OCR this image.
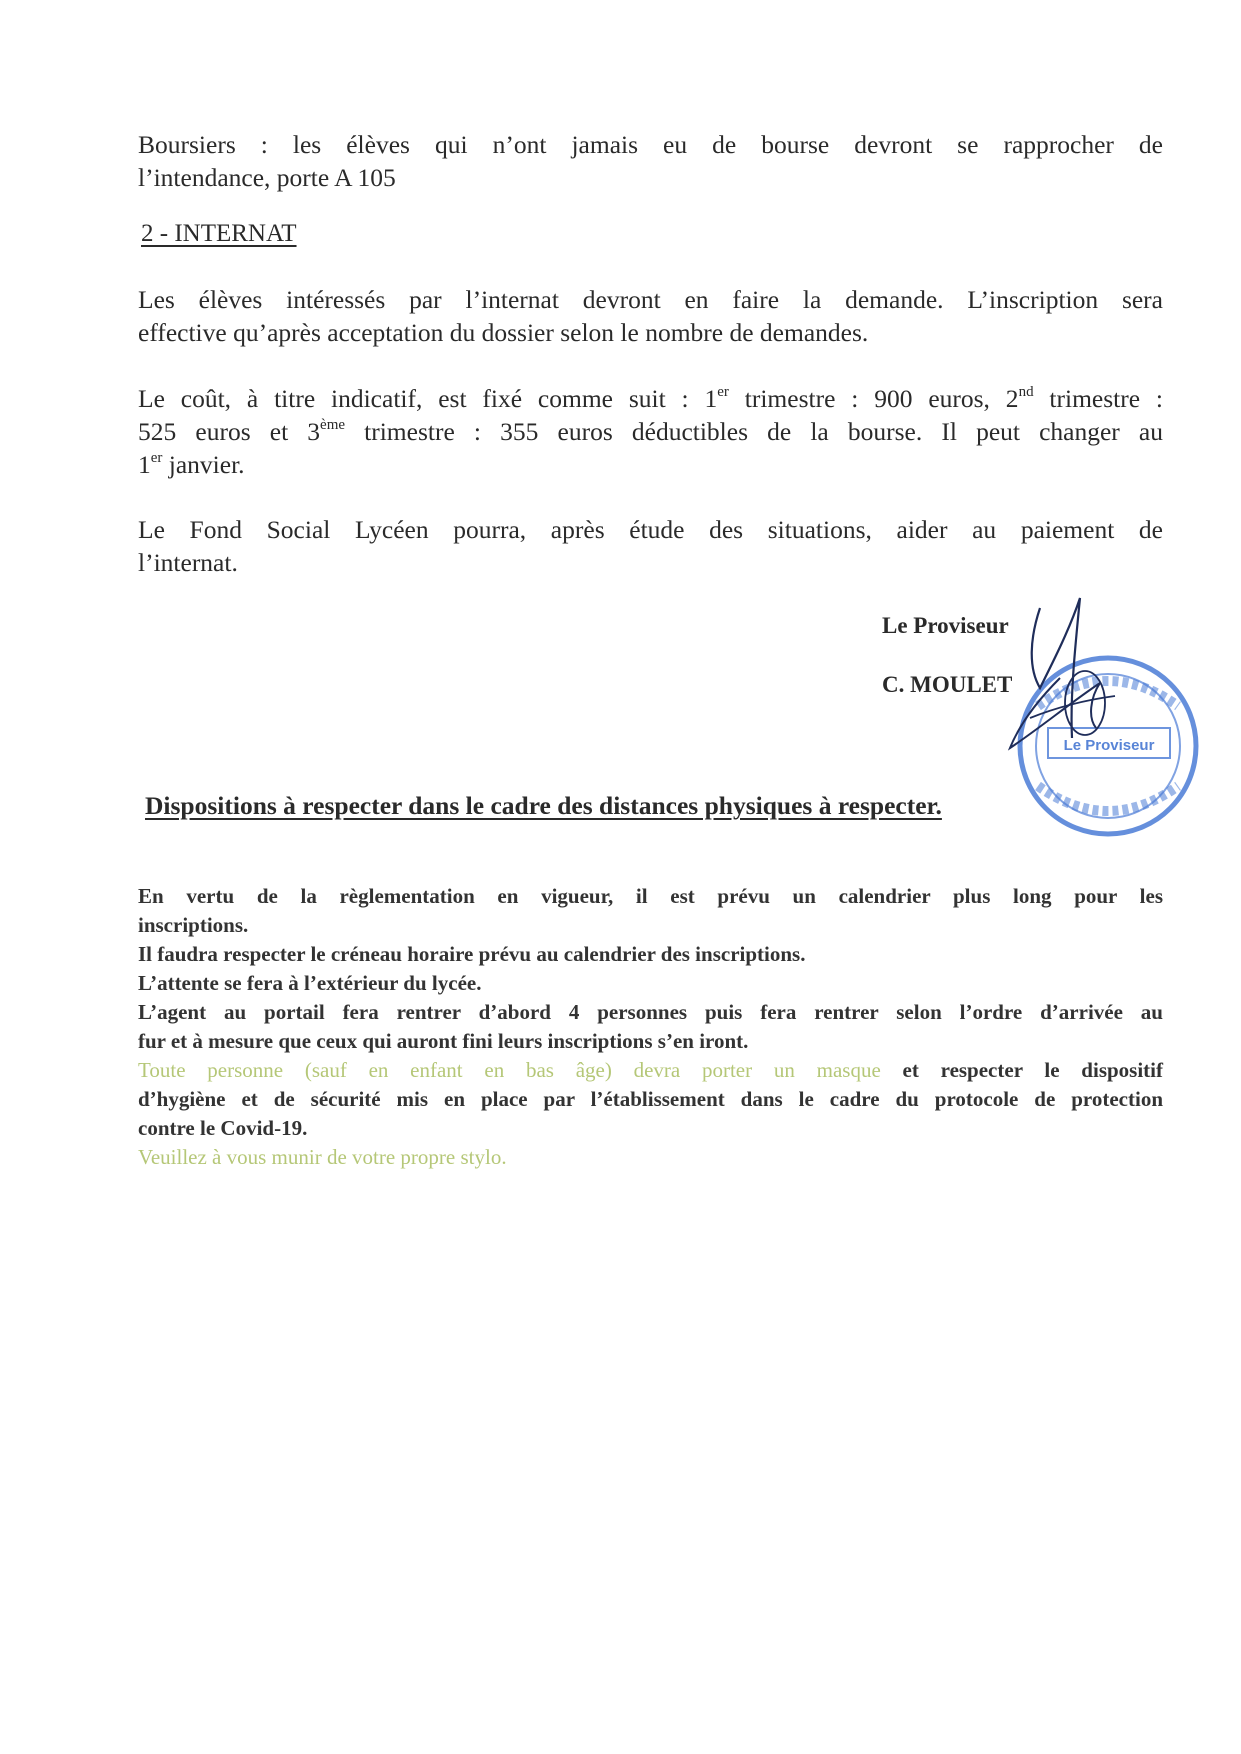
Boursiers : les élèves qui n’ont jamais eu de bourse devront se rapprocher de
l’intendance, porte A 105
2 - INTERNAT
Les élèves intéressés par l’internat devront en faire la demande. L’inscription sera
effective qu’après acceptation du dossier selon le nombre de demandes.
Le coût, à titre indicatif, est fixé comme suit : 1er trimestre : 900 euros, 2nd trimestre :
525 euros et 3ème trimestre : 355 euros déductibles de la bourse. Il peut changer au
1er janvier.
Le Fond Social Lycéen pourra, après étude des situations, aider au paiement de
l’internat.
Le Proviseur
C. MOULET
Le Proviseur
Dispositions à respecter dans le cadre des distances physiques à respecter.
En vertu de la règlementation en vigueur, il est prévu un calendrier plus long pour les
inscriptions.
Il faudra respecter le créneau horaire prévu au calendrier des inscriptions.
L’attente se fera à l’extérieur du lycée.
L’agent au portail fera rentrer d’abord 4 personnes puis fera rentrer selon l’ordre d’arrivée au
fur et à mesure que ceux qui auront fini leurs inscriptions s’en iront.
Toute personne (sauf en enfant en bas âge) devra porter un masque et respecter le dispositif
d’hygiène et de sécurité mis en place par l’établissement dans le cadre du protocole de protection
contre le Covid-19.
Veuillez à vous munir de votre propre stylo.
